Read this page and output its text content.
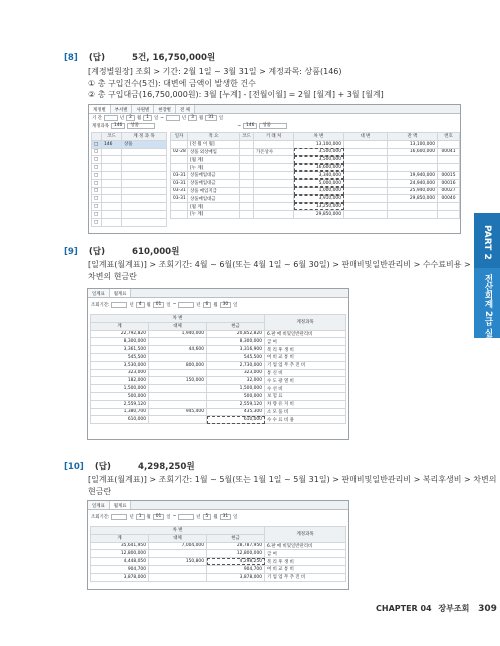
[8] (답)	5건, 16,750,000원
[계정별원장] 조회 > 기간: 2월 1일 ~ 3월 31일 > 계정과목: 상품(146)
① 총 구입건수(5건): 대변에 금액이 발생한 건수
② 총 구입대금(16,750,000원): 3월 [누계] - [전월이월] = 2월 [월계] + 3월 [월계]
계정별	부서별	사원별	현장별	전 체
기 간	년	2	월	1	일 ~	년	3	월	31	일
계정과목	146	상품	~	146	상품
	코드	계 정 과 목
□	146	상품
□		
□		
□		
□		
□		
□		
□		
□		
□		
□		
일자	적 요	코드	거 래 처	차 변	대 변	잔 액	번호
	[전 월 이 월]			13,100,000		13,100,000	
02-28	상품 외상매입		가온상사	3,500,000		16,600,000	00041
	[월 계]			3,500,000			
	[누 계]			16,600,000			
03-31	상품매입대금			3,340,000		19,940,000	00015
03-31	상품매입대금			5,000,000		24,940,000	00016
03-31	상품 매입지급			1,000,000		25,940,000	00027
03-31	상품매입대금			3,910,000		29,850,000	00040
	[월 계]			13,250,000			
	[누 계]			29,850,000			
[9] (답)	610,000원
[일계표(월계표)] > 조회기간: 4월 ~ 6월(또는 4월 1일 ~ 6월 30일) > 판매비및일반관리비 > 수수료비용 >
차변의 현금란
일계표	월계표
조회기간:	년	4	월	01	일 ~	년	6	월	30	일
차 변			계정과목
계	대체	현금	
22,792,820	1,940,000	20,852,820	6.판 매 비및일반관리비
8,300,000		8,300,000	급 여
3,361,500	44,600	3,316,900	복 리 후 생 비
545,500		545,500	여 비 교 통 비
3,530,000	800,000	2,730,000	기 업 업 무 추 진 비
323,000		323,000	통 신 비
182,000	150,000	32,000	수 도 광 열 비
1,500,000		1,500,000	수 선 비
500,000		500,000	보 험 료
2,559,120		2,559,120	차 량 유 지 비
1,380,700	945,400	435,300	소 모 품 비
610,000		610,000	수 수 료 비 용
[10] (답)	4,298,250원
[일계표(월계표)] > 조회기간: 1월 ~ 5월(또는 1월 1일 ~ 5월 31일) > 판매비및일반관리비 > 복리후생비 > 차변의
현금란
일계표	월계표
조회기간:	년	1	월	01	일 ~	년	5	월	31	일
차 변			계정과목
계	대체	현금	
35,641,950	7,004,000	28,787,950	6.판 매 비및일반관리비
12,800,000		12,800,000	급 여
4,448,050	150,800	4,298,250	복 리 후 생 비
904,700		904,700	여 비 교 통 비
3,878,000		3,878,000	기 업 업 무 추 진 비
PART 2
전산회계 2급 실무
CHAPTER 04 장부조회 309
